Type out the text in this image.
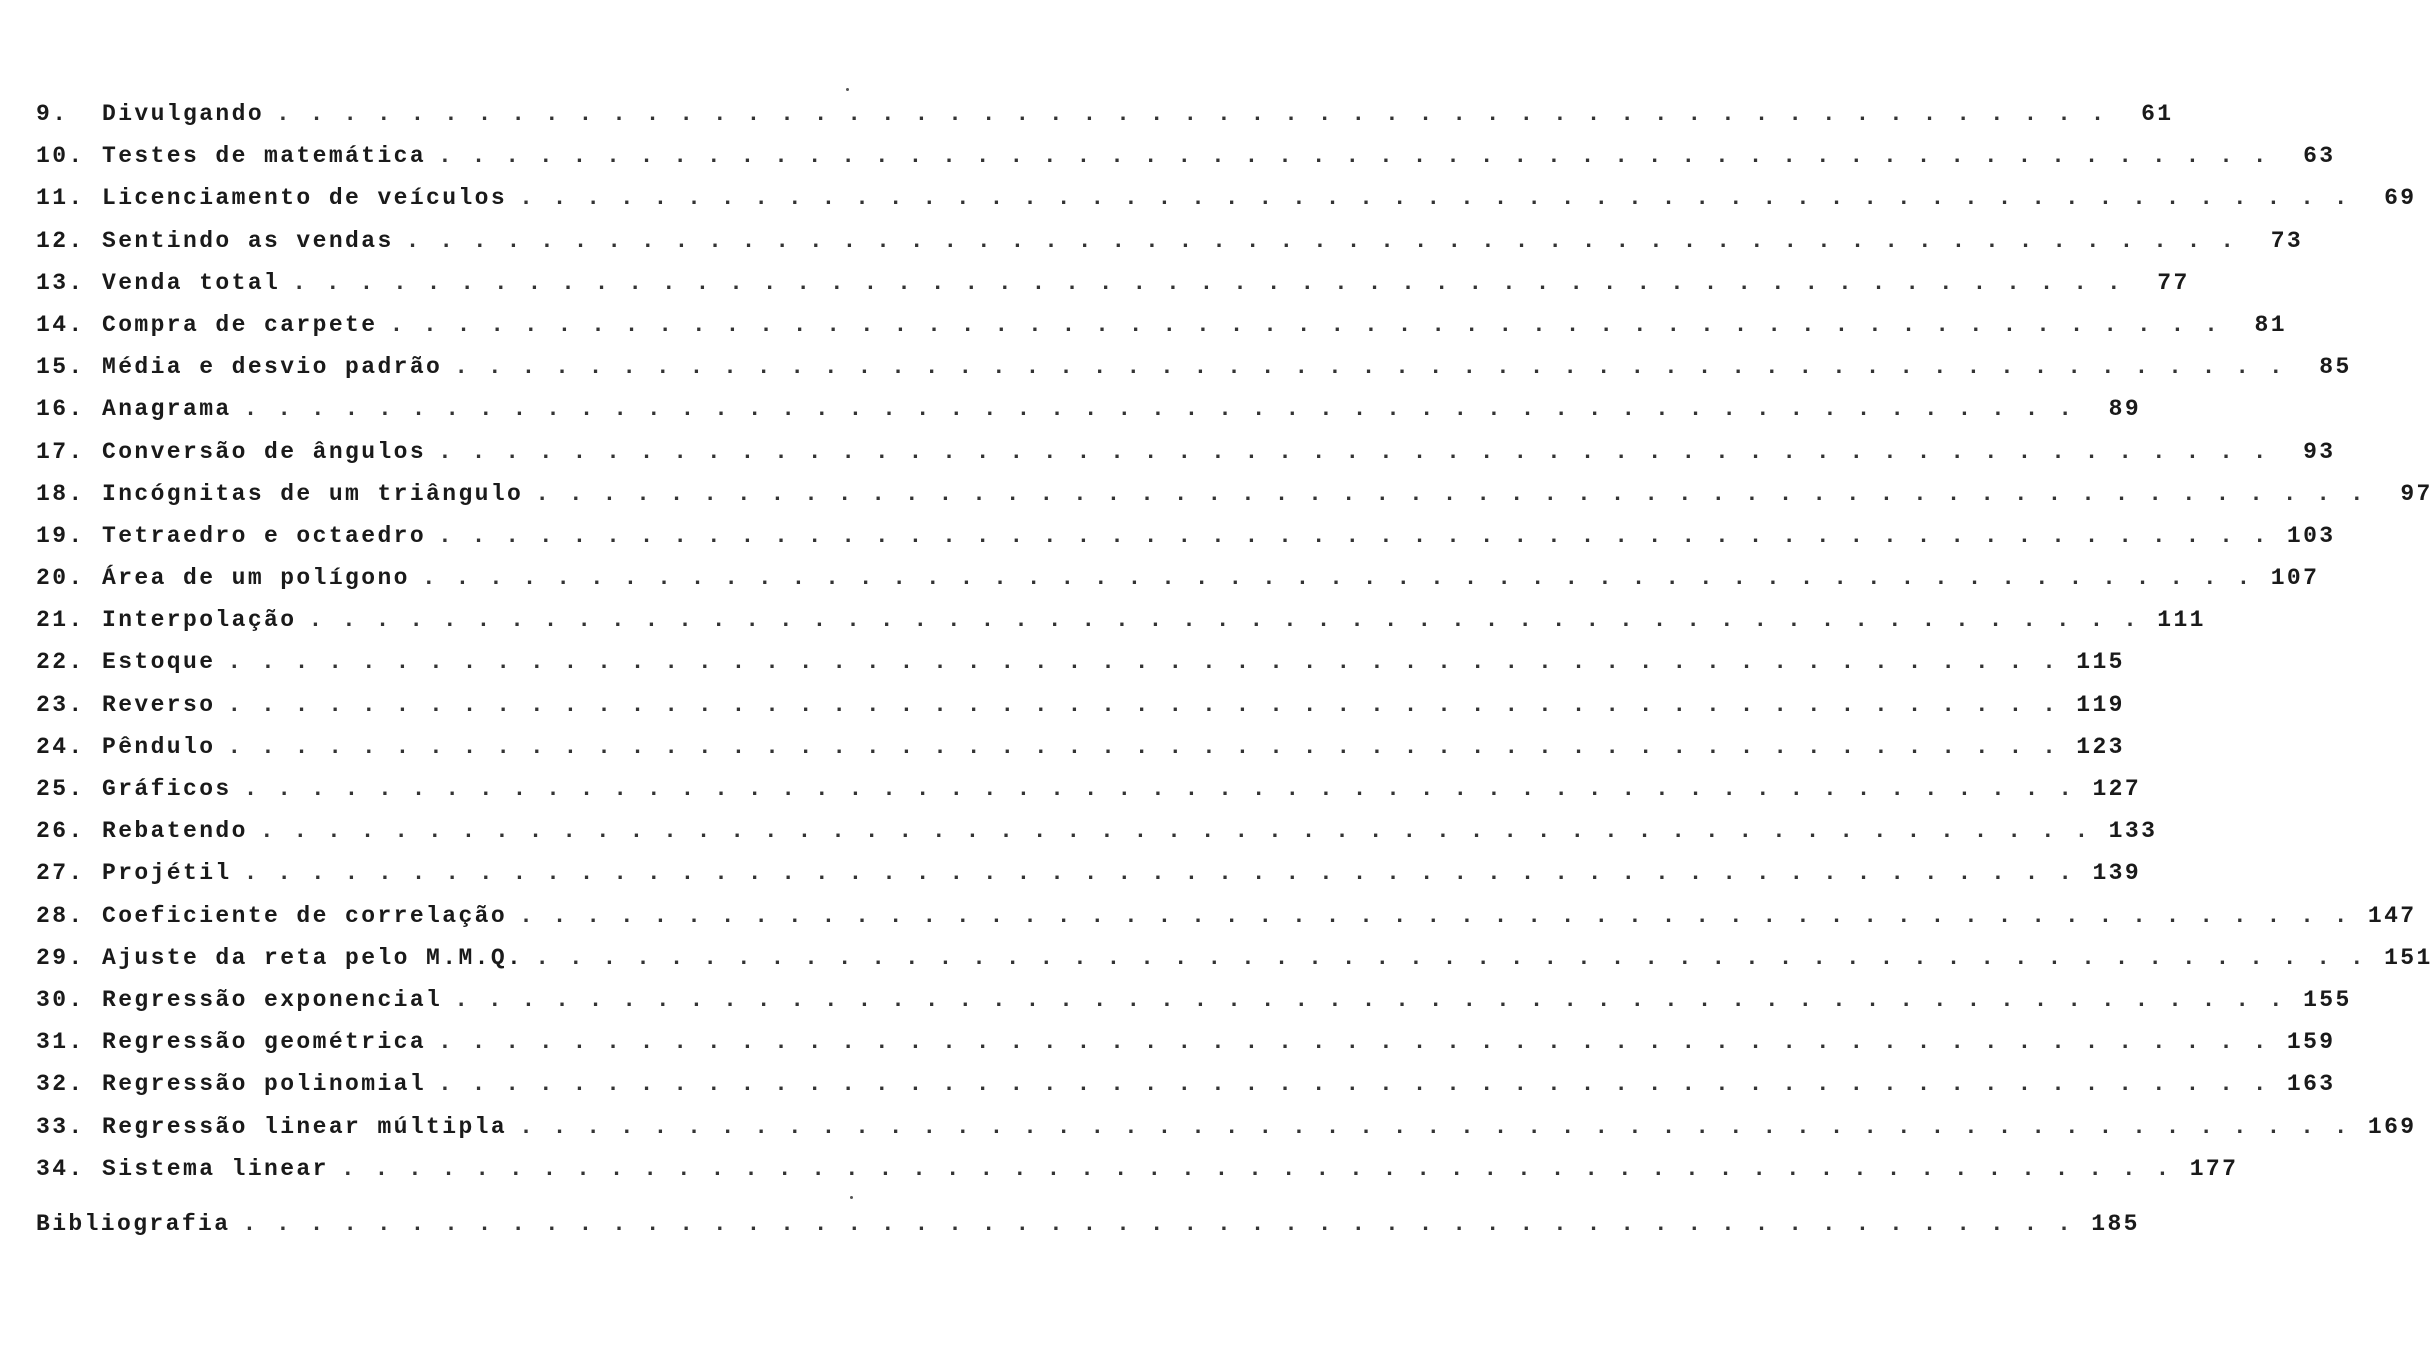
9.	Divulgando . . . . . . . . . . . . . . . . . . . . . . . . . . . . . . . . . . . . . . . . . . . . . . . . . . . . . . .	61
10. Testes de matemática . . . . . . . . . . . . . . . . . . . . . . . . . . . . . . . . . . . . . . . . . . . . . . . . . . . . . . .	63
11. Licenciamento de veículos . . . . . . . . . . . . . . . . . . . . . . . . . . . . . . . . . . . . . . . . . . . . . . . . . . . . . . .	69
12. Sentindo as vendas . . . . . . . . . . . . . . . . . . . . . . . . . . . . . . . . . . . . . . . . . . . . . . . . . . . . . . .	73
13. Venda total . . . . . . . . . . . . . . . . . . . . . . . . . . . . . . . . . . . . . . . . . . . . . . . . . . . . . . .	77
14. Compra de carpete . . . . . . . . . . . . . . . . . . . . . . . . . . . . . . . . . . . . . . . . . . . . . . . . . . . . . . .	81
15. Média e desvio padrão . . . . . . . . . . . . . . . . . . . . . . . . . . . . . . . . . . . . . . . . . . . . . . . . . . . . . . .	85
16. Anagrama . . . . . . . . . . . . . . . . . . . . . . . . . . . . . . . . . . . . . . . . . . . . . . . . . . . . . . .	89
17. Conversão de ângulos . . . . . . . . . . . . . . . . . . . . . . . . . . . . . . . . . . . . . . . . . . . . . . . . . . . . . . .	93
18. Incógnitas de um triângulo . . . . . . . . . . . . . . . . . . . . . . . . . . . . . . . . . . . . . . . . . . . . . . . . . . . . . . .	97
19. Tetraedro e octaedro . . . . . . . . . . . . . . . . . . . . . . . . . . . . . . . . . . . . . . . . . . . . . . . . . . . . . . . 103
20. Área de um polígono . . . . . . . . . . . . . . . . . . . . . . . . . . . . . . . . . . . . . . . . . . . . . . . . . . . . . . . 107
21. Interpolação . . . . . . . . . . . . . . . . . . . . . . . . . . . . . . . . . . . . . . . . . . . . . . . . . . . . . . . 111
22. Estoque . . . . . . . . . . . . . . . . . . . . . . . . . . . . . . . . . . . . . . . . . . . . . . . . . . . . . . . 115
23. Reverso . . . . . . . . . . . . . . . . . . . . . . . . . . . . . . . . . . . . . . . . . . . . . . . . . . . . . . . 119
24. Pêndulo . . . . . . . . . . . . . . . . . . . . . . . . . . . . . . . . . . . . . . . . . . . . . . . . . . . . . . . 123
25. Gráficos . . . . . . . . . . . . . . . . . . . . . . . . . . . . . . . . . . . . . . . . . . . . . . . . . . . . . . . 127
26. Rebatendo . . . . . . . . . . . . . . . . . . . . . . . . . . . . . . . . . . . . . . . . . . . . . . . . . . . . . . . 133
27. Projétil . . . . . . . . . . . . . . . . . . . . . . . . . . . . . . . . . . . . . . . . . . . . . . . . . . . . . . . 139
28. Coeficiente de correlação . . . . . . . . . . . . . . . . . . . . . . . . . . . . . . . . . . . . . . . . . . . . . . . . . . . . . . . 147
29. Ajuste da reta pelo M.M.Q. . . . . . . . . . . . . . . . . . . . . . . . . . . . . . . . . . . . . . . . . . . . . . . . . . . . . . . . 151
30. Regressão exponencial . . . . . . . . . . . . . . . . . . . . . . . . . . . . . . . . . . . . . . . . . . . . . . . . . . . . . . . 155
31. Regressão geométrica . . . . . . . . . . . . . . . . . . . . . . . . . . . . . . . . . . . . . . . . . . . . . . . . . . . . . . . 159
32. Regressão polinomial . . . . . . . . . . . . . . . . . . . . . . . . . . . . . . . . . . . . . . . . . . . . . . . . . . . . . . . 163
33. Regressão linear múltipla . . . . . . . . . . . . . . . . . . . . . . . . . . . . . . . . . . . . . . . . . . . . . . . . . . . . . . . 169
34. Sistema linear . . . . . . . . . . . . . . . . . . . . . . . . . . . . . . . . . . . . . . . . . . . . . . . . . . . . . . . 177
Bibliografia . . . . . . . . . . . . . . . . . . . . . . . . . . . . . . . . . . . . . . . . . . . . . . . . . . . . . . . 185
